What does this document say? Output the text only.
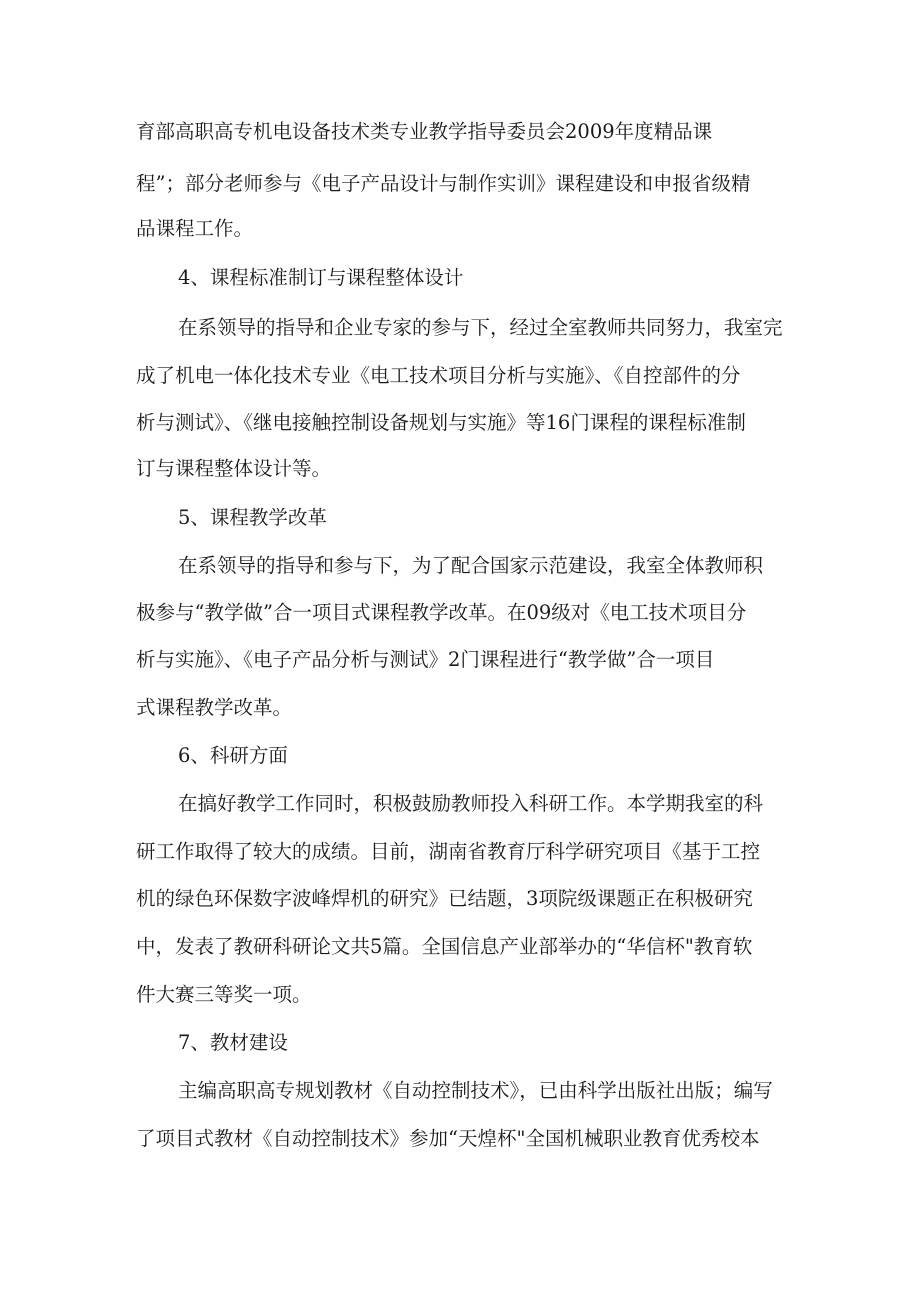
育部高职高专机电设备技术类专业教学指导委员会2009年度精品课
程”；部分老师参与《电子产品设计与制作实训》课程建设和申报省级精
品课程工作。
4、课程标准制订与课程整体设计
在系领导的指导和企业专家的参与下，经过全室教师共同努力，我室完
成了机电一体化技术专业《电工技术项目分析与实施》、《自控部件的分
析与测试》、《继电接触控制设备规划与实施》等16门课程的课程标准制
订与课程整体设计等。
5、课程教学改革
在系领导的指导和参与下，为了配合国家示范建设，我室全体教师积
极参与“教学做”合一项目式课程教学改革。在09级对《电工技术项目分
析与实施》、《电子产品分析与测试》2门课程进行“教学做”合一项目
式课程教学改革。
6、科研方面
在搞好教学工作同时，积极鼓励教师投入科研工作。本学期我室的科
研工作取得了较大的成绩。目前，湖南省教育厅科学研究项目《基于工控
机的绿色环保数字波峰焊机的研究》已结题，3项院级课题正在积极研究
中，发表了教研科研论文共5篇。全国信息产业部举办的“华信杯"教育软
件大赛三等奖一项。
7、教材建设
主编高职高专规划教材《自动控制技术》，已由科学出版社出版；编写
了项目式教材《自动控制技术》参加“天煌杯"全国机械职业教育优秀校本
